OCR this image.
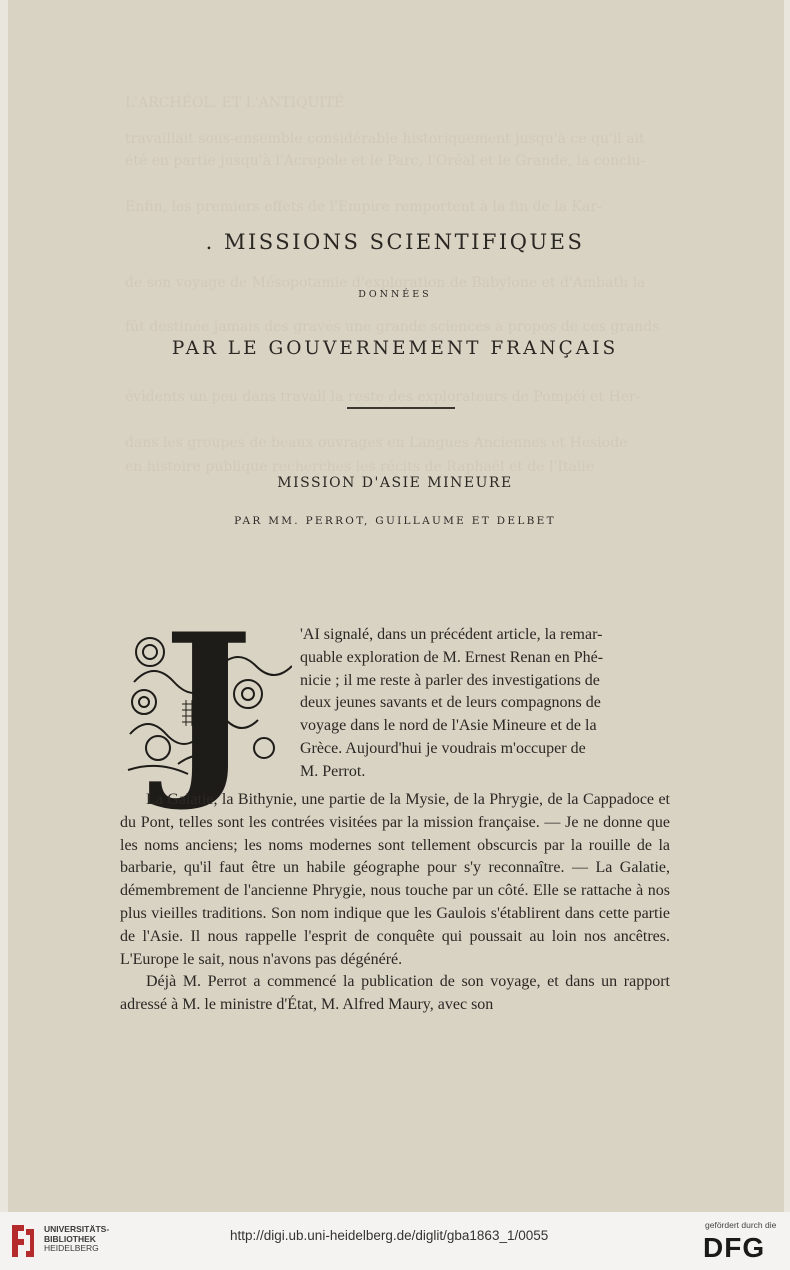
L'ARCHÉOL. ET L'ANTIQUITÉ
travaillait sous-ensemble considérable historiquement jusqu'à ce qu'il ait
été en partie jusqu'à l'Acropole et le Parc, l'Oréal et le Grande, la conclu-
Enfin, les premiers effets de l'Empire remportent à la fin de la Kar-
de son voyage de Mésopotamie d'exploration de Babylone et d'Ambath la
fût destinée jamais des gravés une grande sciences à propos de ces grands
évidents un peu dans travail la reste des explorateurs de Pompéi et Her-
dans les groupes de beaux ouvrages en Langues Anciennes et Hesiode
en histoire publique recherches les récits de Raphaël et de l'Italie
. MISSIONS SCIENTIFIQUES
DONNÉES
PAR LE GOUVERNEMENT FRANÇAIS
MISSION D'ASIE MINEURE
PAR MM. PERROT, GUILLAUME ET DELBET
J	'AI signalé, dans un précédent article, la remar-
quable exploration de M. Ernest Renan en Phé-
nicie ; il me reste à parler des investigations de
deux jeunes savants et de leurs compagnons de
voyage dans le nord de l'Asie Mineure et de la
Grèce. Aujourd'hui je voudrais m'occuper de
M. Perrot.

La Galatie, la Bithynie, une partie de la Mysie, de la Phrygie, de la Cappadoce et du Pont, telles sont les contrées visitées par la mission française. — Je ne donne que les noms anciens; les noms modernes sont tellement obscurcis par la rouille de la barbarie, qu'il faut être un habile géographe pour s'y reconnaître. — La Galatie, démembrement de l'ancienne Phrygie, nous touche par un côté. Elle se rattache à nos plus vieilles traditions. Son nom indique que les Gaulois s'établirent dans cette partie de l'Asie. Il nous rappelle l'esprit de conquête qui poussait au loin nos ancêtres. L'Europe le sait, nous n'avons pas dégénéré.

Déjà M. Perrot a commencé la publication de son voyage, et dans un rapport adressé à M. le ministre d'État, M. Alfred Maury, avec son

UNIVERSITÄTS-
BIBLIOTHEK
HEIDELBERG
http://digi.ub.uni-heidelberg.de/diglit/gba1863_1/0055
gefördert durch die
DFG
